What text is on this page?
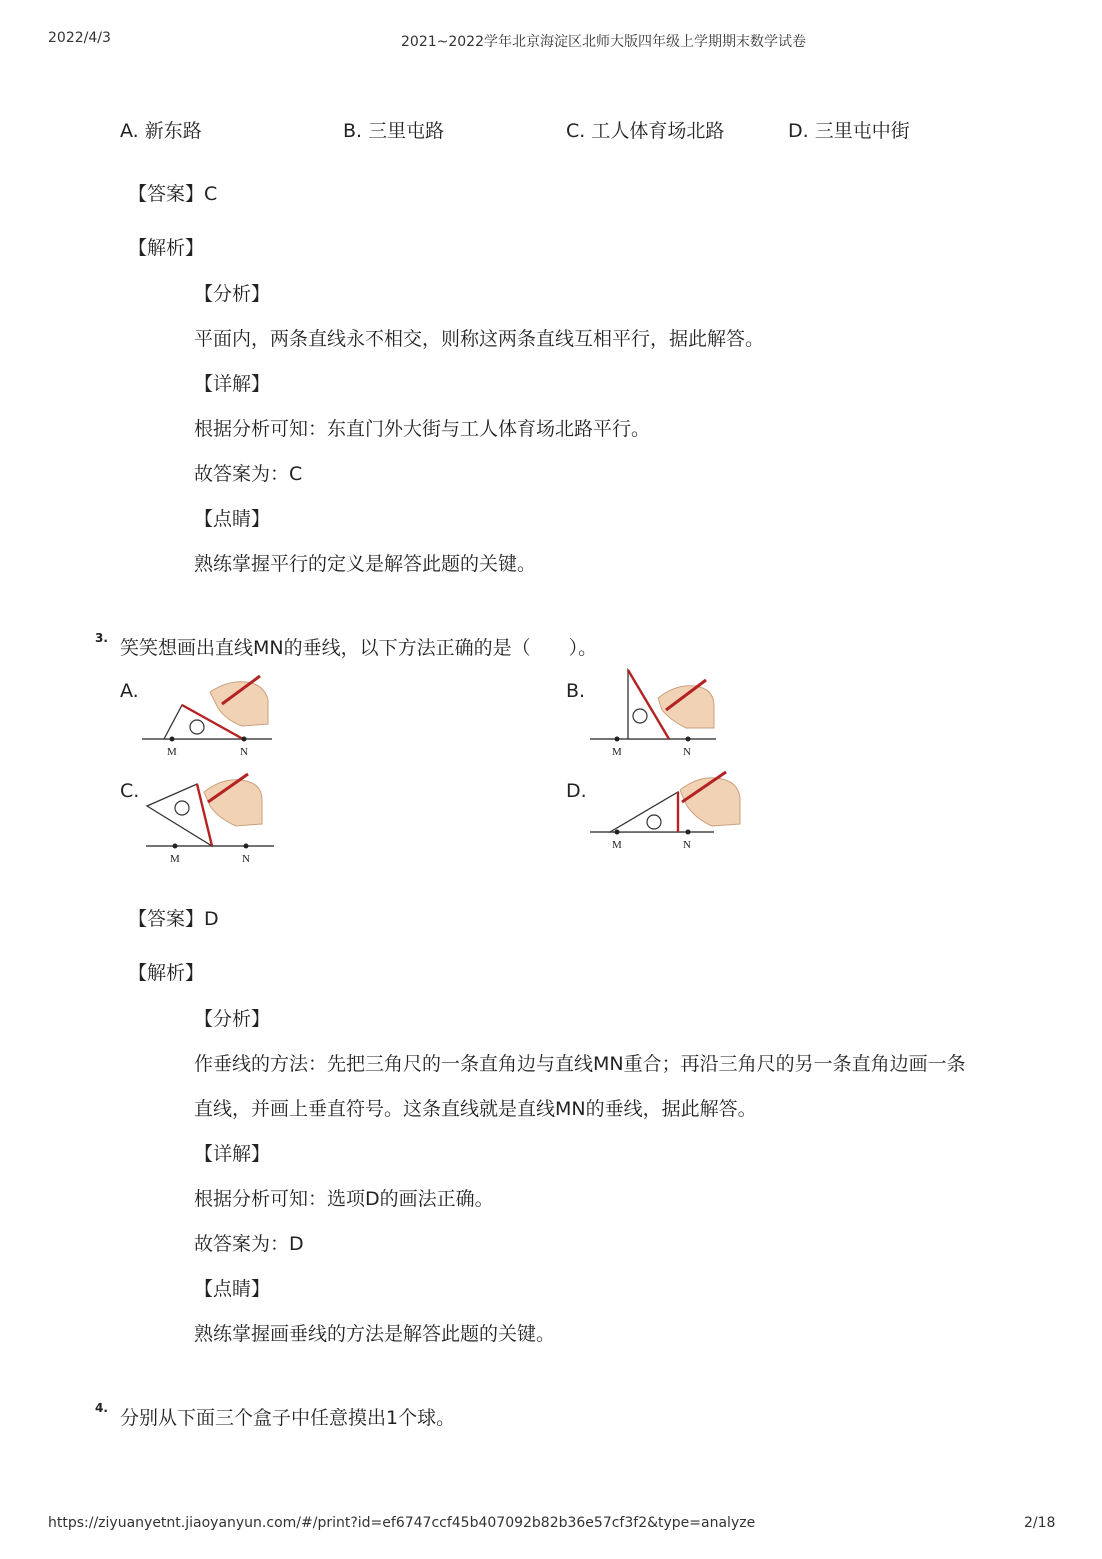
2022/4/3	2021~2022学年北京海淀区北师大版四年级上学期期末数学试卷
A. 新东路	B. 三里屯路	C. 工人体育场北路	D. 三里屯中街
【答案】C
【解析】
【分析】
平面内，两条直线永不相交，则称这两条直线互相平行，据此解答。
【详解】
根据分析可知：东直门外大街与工人体育场北路平行。
故答案为：C
【点睛】
熟练掌握平行的定义是解答此题的关键。
3. 笑笑想画出直线MN的垂线，以下方法正确的是（　　）。
A.	B.
C.	D.
M	N	M	N
M	N
M	N
【答案】D
【解析】
【分析】
作垂线的方法：先把三角尺的一条直角边与直线MN重合；再沿三角尺的另一条直角边画一条
直线，并画上垂直符号。这条直线就是直线MN的垂线，据此解答。
【详解】
根据分析可知：选项D的画法正确。
故答案为：D
【点睛】
熟练掌握画垂线的方法是解答此题的关键。
4. 分别从下面三个盒子中任意摸出1个球。
https://ziyuanyetnt.jiaoyanyun.com/#/print?id=ef6747ccf45b407092b82b36e57cf3f2&type=analyze	2/18
